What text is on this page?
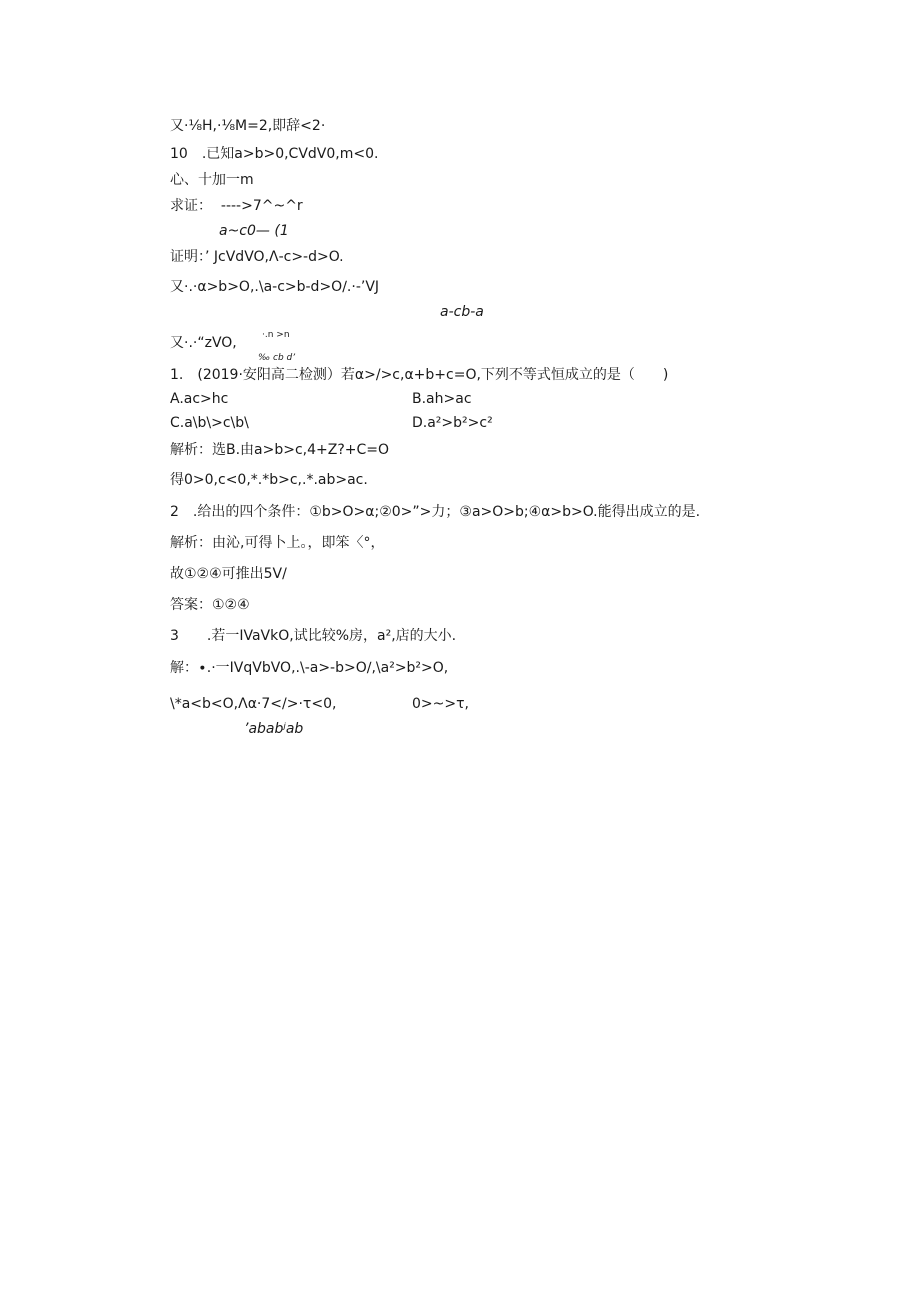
又·⅛H,·⅛M=2,即辞<2·
10　.已知a>b>0,CVdV0,m<0.
心、十加一m
求证：  ---->7^~^r
a~c0— (1
证明：’ JcVdVO,Λ-c>-d>O.
又·.·α>b>O,.\a-c>b-d>O∕.·-’VJ
a-cb-a
又·.·“zVO,	·.n >n
‰ cb d’
1.　(2019·安阳高二检测）若α>/>c,α+b+c=O,下列不等式恒成立的是（　　)
A.ac>hc	B.ah>ac
C.a\b\>c\b\	D.a²>b²>c²
解析：选B.由a>b>c,4+Z?+C=O
得0>0,c<0,*.*b>c,.*.ab>ac.
2　.给出的四个条件：①b>O>α;②0>”>力；③a>O>b;④α>b>O.能得出成立的是.
解析：由沁,可得卜上。，即笨〈°，
故①②④可推出5V/
答案：①②④
3　　.若一IVaVkO,试比较%房，a²,店的大小.
解：∙.·一IVqVbVO,.\-a>-b>O∕,\a²>b²>O,
\*a<b<O,Λα·7</>·τ<0,	0>~>τ,
’ababʲab
